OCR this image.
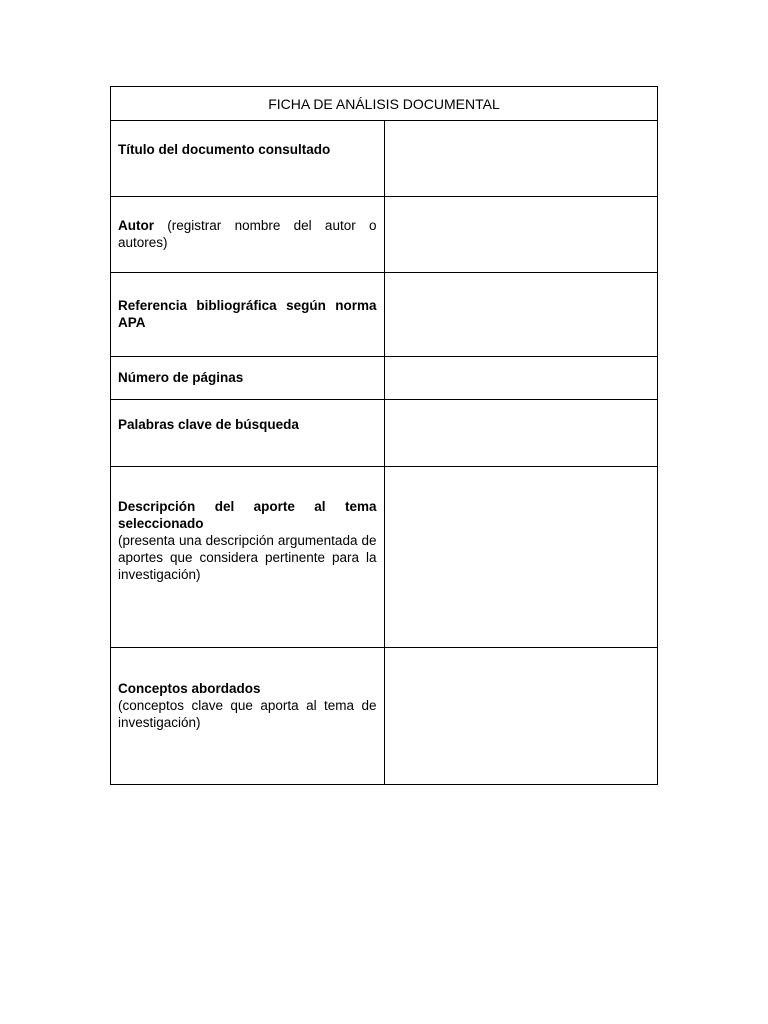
FICHA DE ANÁLISIS DOCUMENTAL	

Título del documento consultado	

Autor (registrar nombre del autor o autores)	

Referencia bibliográfica según norma APA	

Número de páginas	

Palabras clave de búsqueda	

Descripción del aporte al tema seleccionado
(presenta una descripción argumentada de aportes que considera pertinente para la investigación)	

Conceptos abordados
(conceptos clave que aporta al tema de investigación)	
